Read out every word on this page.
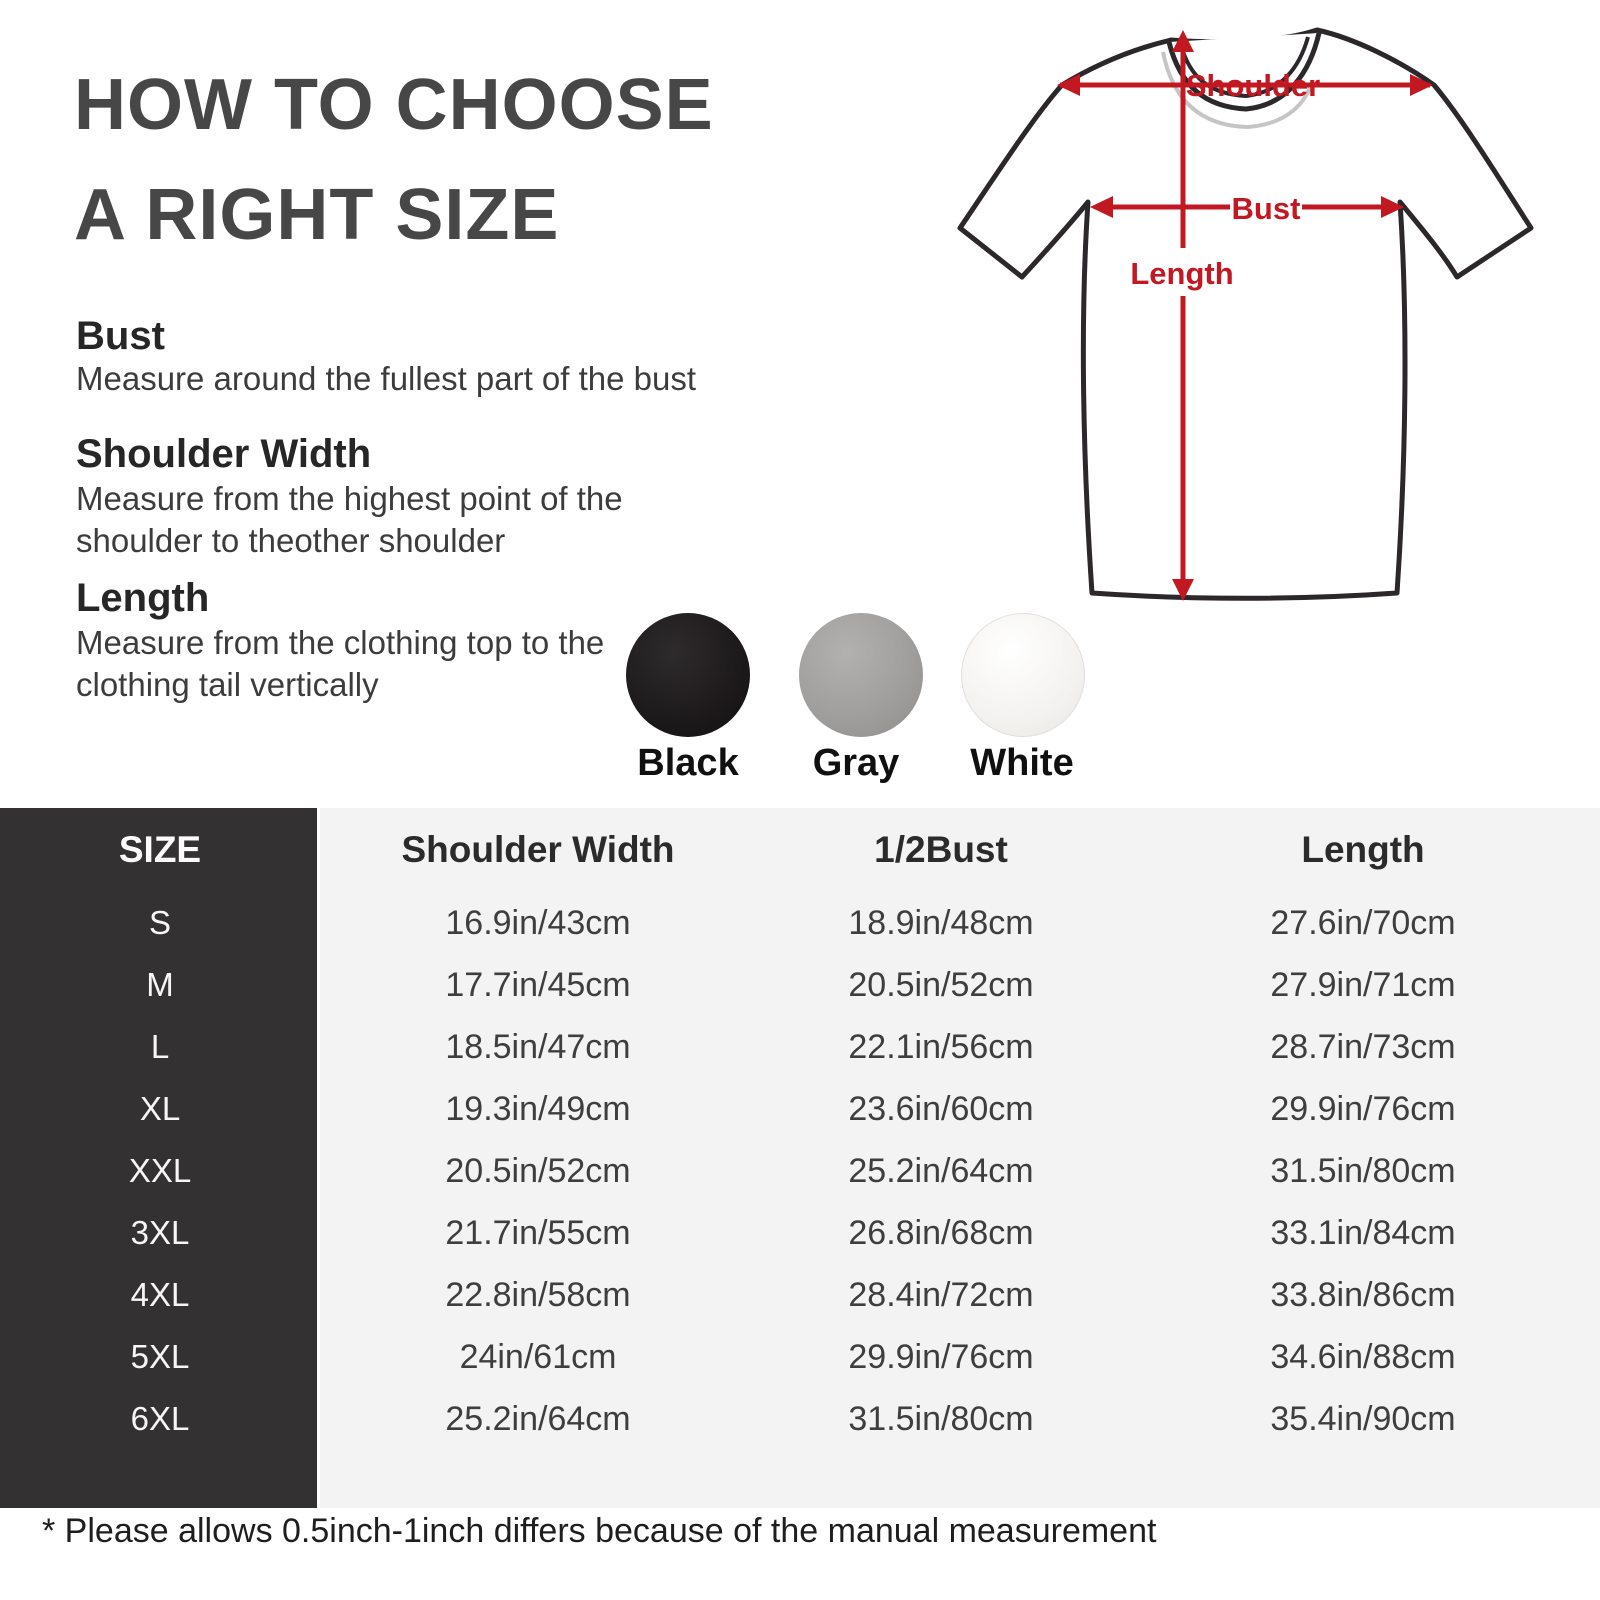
HOW TO CHOOSE
A RIGHT SIZE
Bust

Measure around the fullest part of the bust

Shoulder Width

Measure from the highest point of the
shoulder to theother shoulder

Length

Measure from the clothing top to the
clothing tail vertically

Black	Gray	White
Shoulder
Bust
Length
SIZE	Shoulder Width	1/2Bust	Length
S	16.9in/43cm	18.9in/48cm	27.6in/70cm
M	17.7in/45cm	20.5in/52cm	27.9in/71cm
L	18.5in/47cm	22.1in/56cm	28.7in/73cm
XL	19.3in/49cm	23.6in/60cm	29.9in/76cm
XXL	20.5in/52cm	25.2in/64cm	31.5in/80cm
3XL	21.7in/55cm	26.8in/68cm	33.1in/84cm
4XL	22.8in/58cm	28.4in/72cm	33.8in/86cm
5XL	24in/61cm	29.9in/76cm	34.6in/88cm
6XL	25.2in/64cm	31.5in/80cm	35.4in/90cm

* Please allows 0.5inch-1inch differs because of the manual measurement
